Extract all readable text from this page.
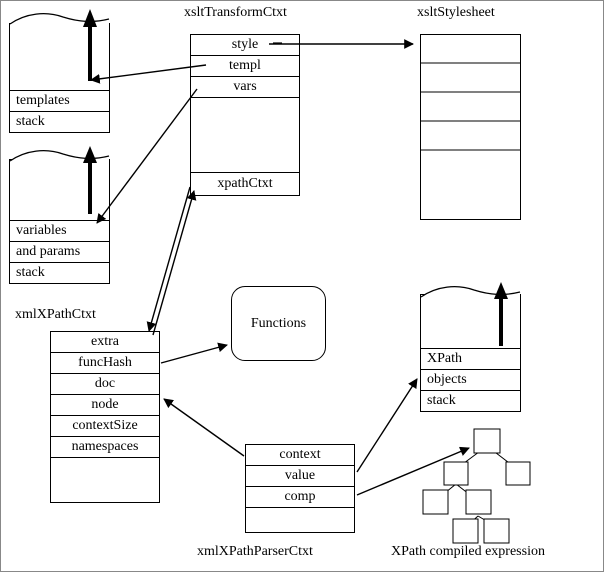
templates
stack
variables
and params
stack
xsltTransformCtxt
style
templ
vars
xpathCtxt
xsltStylesheet
xmlXPathCtxt
extra
funcHash
doc
node
contextSize
namespaces
Functions
XPath
objects
stack
context
value
comp
xmlXPathParserCtxt	XPath compiled expression
